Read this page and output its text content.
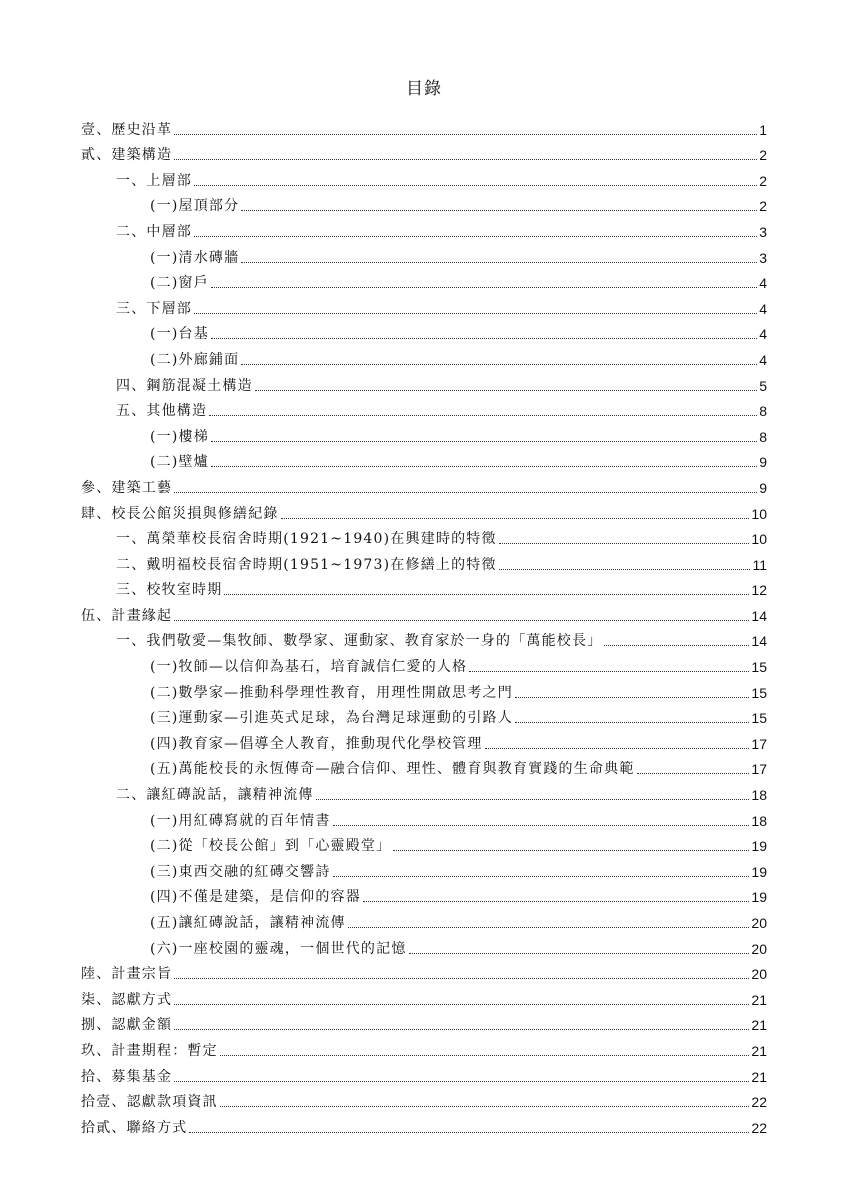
目錄
壹、歷史沿革	1
貳、建築構造	2
一、上層部	2
(一)屋頂部分	2
二、中層部	3
(一)清水磚牆	3
(二)窗戶	4
三、下層部	4
(一)台基	4
(二)外廊鋪面	4
四、鋼筋混凝土構造	5
五、其他構造	8
(一)樓梯	8
(二)壁爐	9
參、建築工藝	9
肆、校長公館災損與修繕紀錄	10
一、萬榮華校長宿舍時期(1921~1940)在興建時的特徵	10
二、戴明福校長宿舍時期(1951~1973)在修繕上的特徵	11
三、校牧室時期	12
伍、計畫緣起	14
一、我們敬愛—集牧師、數學家、運動家、教育家於一身的「萬能校長」	14
(一)牧師—以信仰為基石，培育誠信仁愛的人格	15
(二)數學家—推動科學理性教育，用理性開啟思考之門	15
(三)運動家—引進英式足球，為台灣足球運動的引路人	15
(四)教育家—倡導全人教育，推動現代化學校管理	17
(五)萬能校長的永恆傳奇—融合信仰、理性、體育與教育實踐的生命典範	17
二、讓紅磚說話，讓精神流傳	18
(一)用紅磚寫就的百年情書	18
(二)從「校長公館」到「心靈殿堂」	19
(三)東西交融的紅磚交響詩	19
(四)不僅是建築，是信仰的容器	19
(五)讓紅磚說話，讓精神流傳	20
(六)一座校園的靈魂，一個世代的記憶	20
陸、計畫宗旨	20
柒、認獻方式	21
捌、認獻金額	21
玖、計畫期程：暫定	21
拾、募集基金	21
拾壹、認獻款項資訊	22
拾貳、聯絡方式	22
